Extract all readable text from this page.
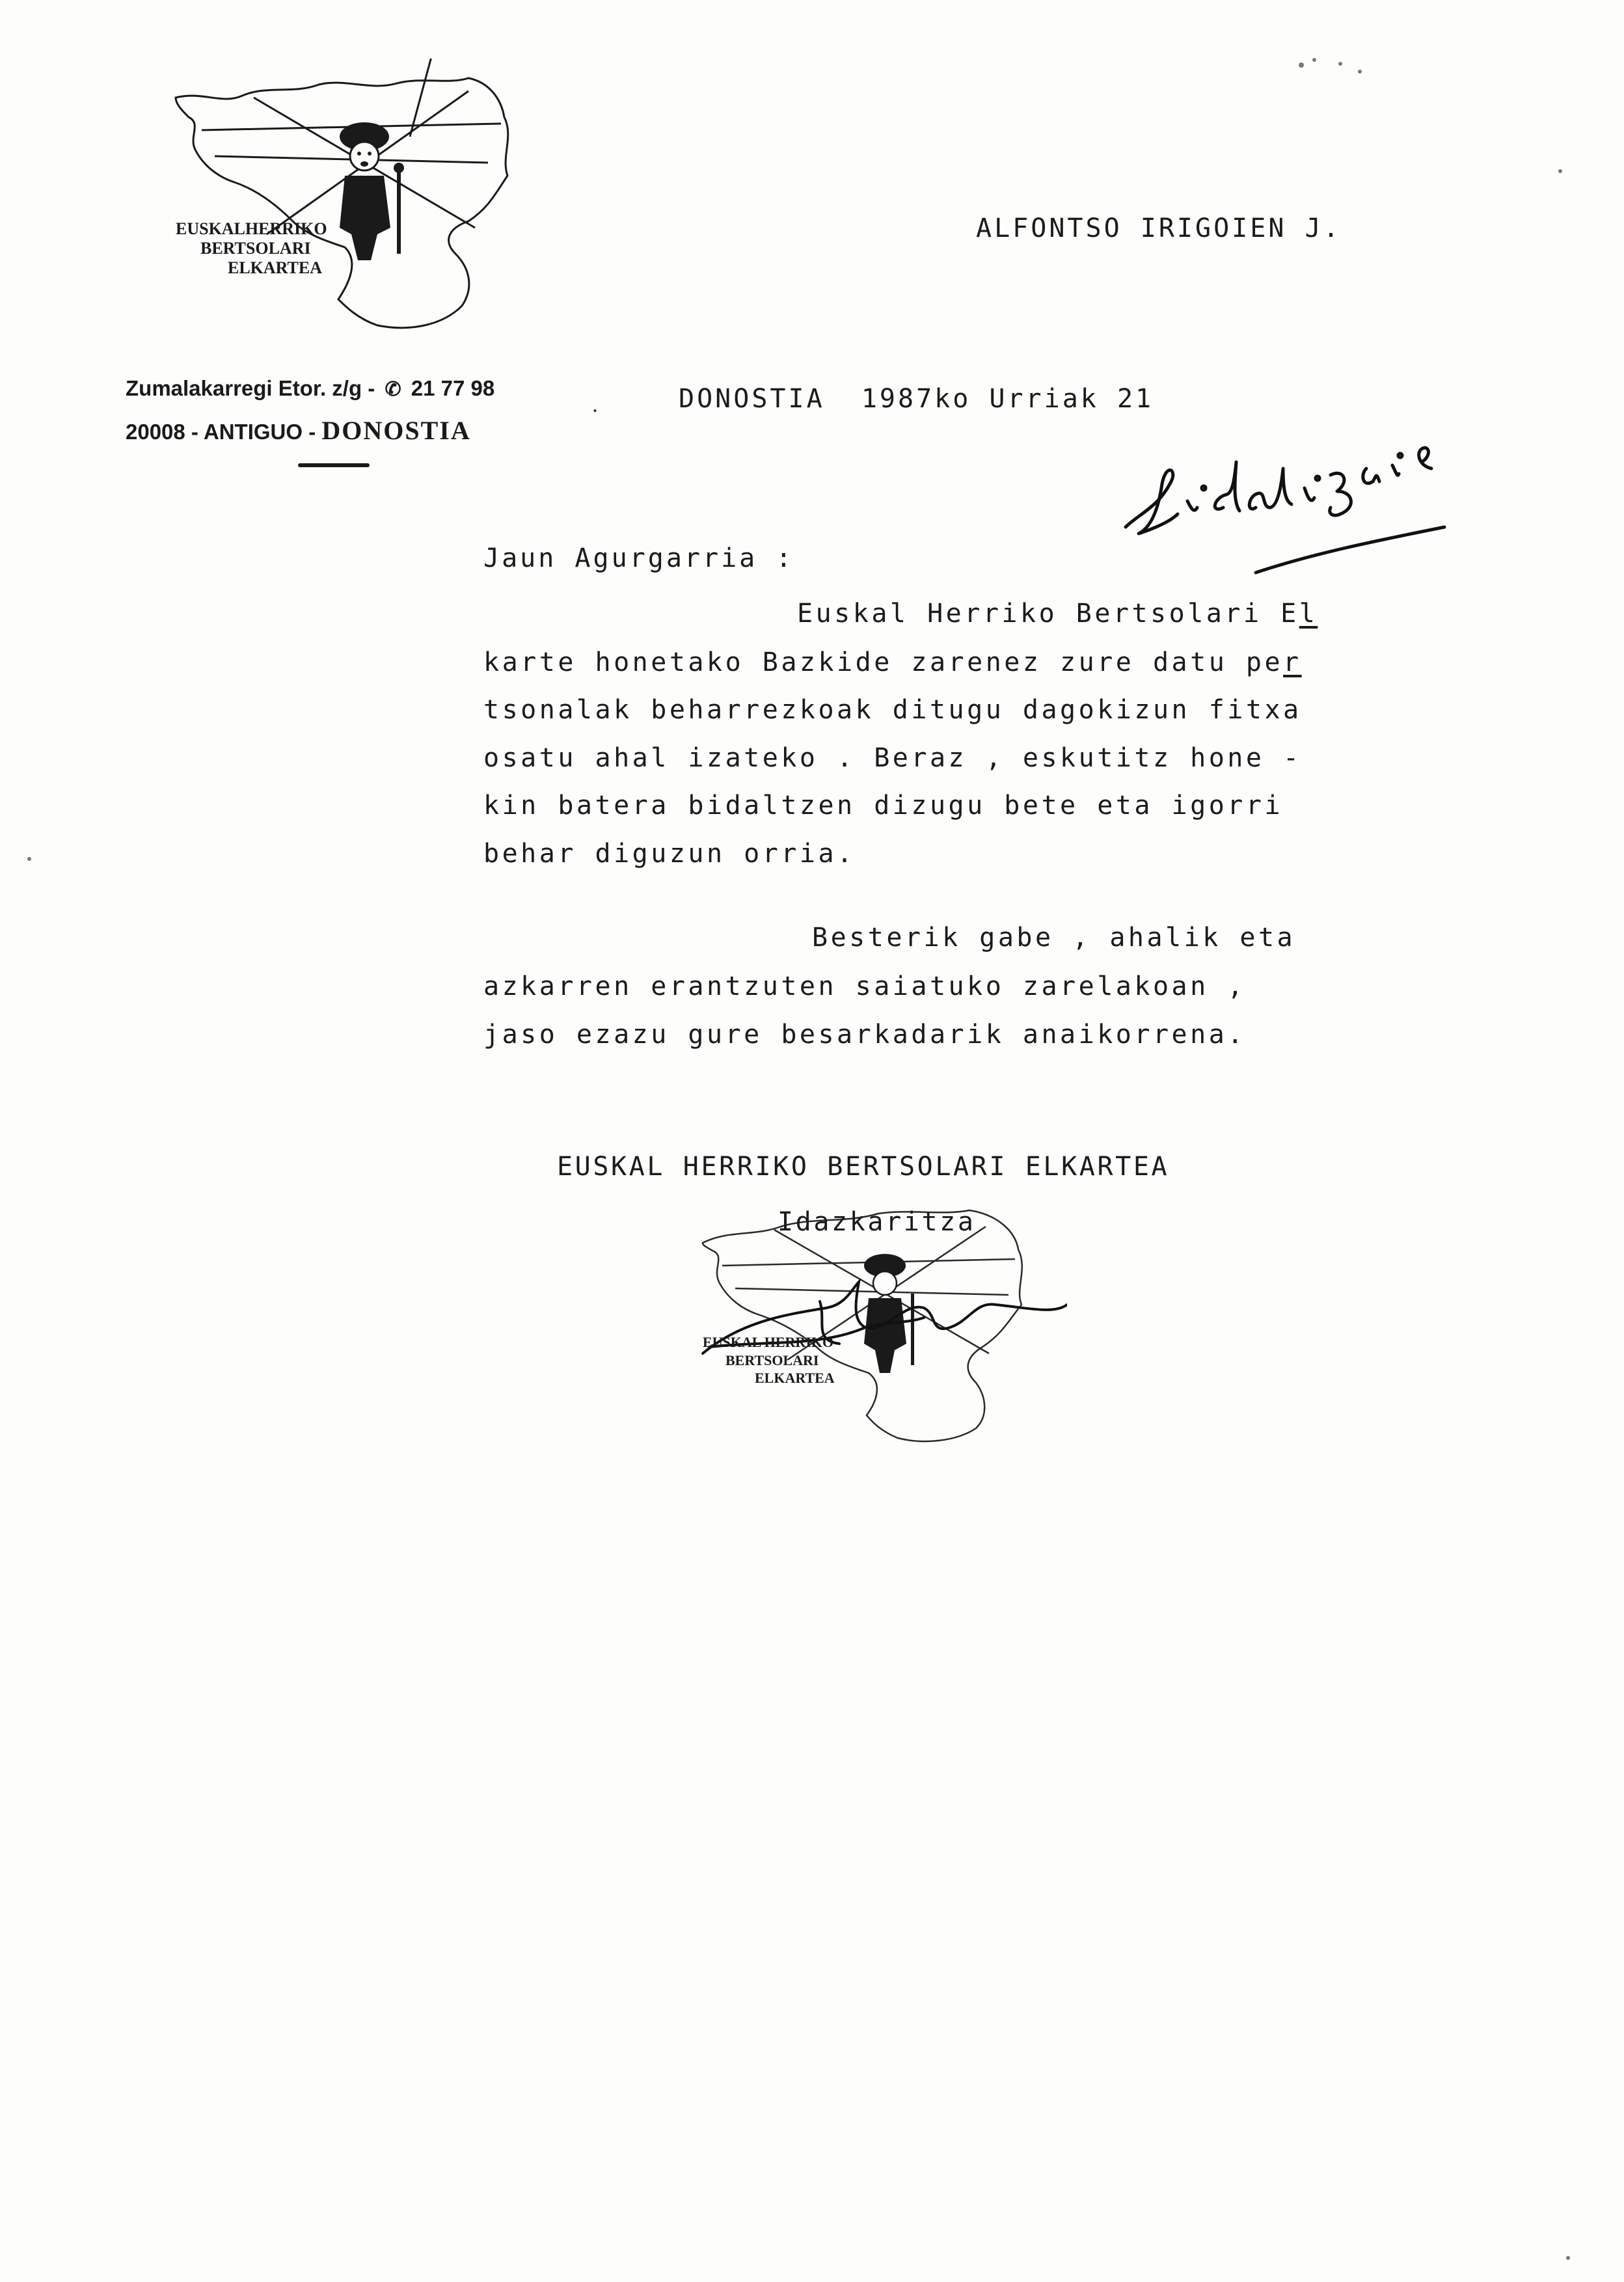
EUSKALHERRIKO
BERTSOLARI
ELKARTEA
Zumalakarregi Etor. z/g - ✆ 21 77 98
20008 - ANTIGUO - DONOSTIA
ALFONTSO IRIGOIEN J.
.	DONOSTIA  1987ko Urriak 21
Jaun Agurgarria :
Euskal Herriko Bertsolari El
karte honetako Bazkide zarenez zure datu per
tsonalak beharrezkoak ditugu dagokizun fitxa
osatu ahal izateko . Beraz , eskutitz hone -
kin batera bidaltzen dizugu bete eta igorri
behar diguzun orria.
Besterik gabe , ahalik eta
azkarren erantzuten saiatuko zarelakoan ,
jaso ezazu gure besarkadarik anaikorrena.
EUSKAL HERRIKO BERTSOLARI ELKARTEA
EUSKAL HERRIKO
BERTSOLARI
ELKARTEA
Idazkaritza
